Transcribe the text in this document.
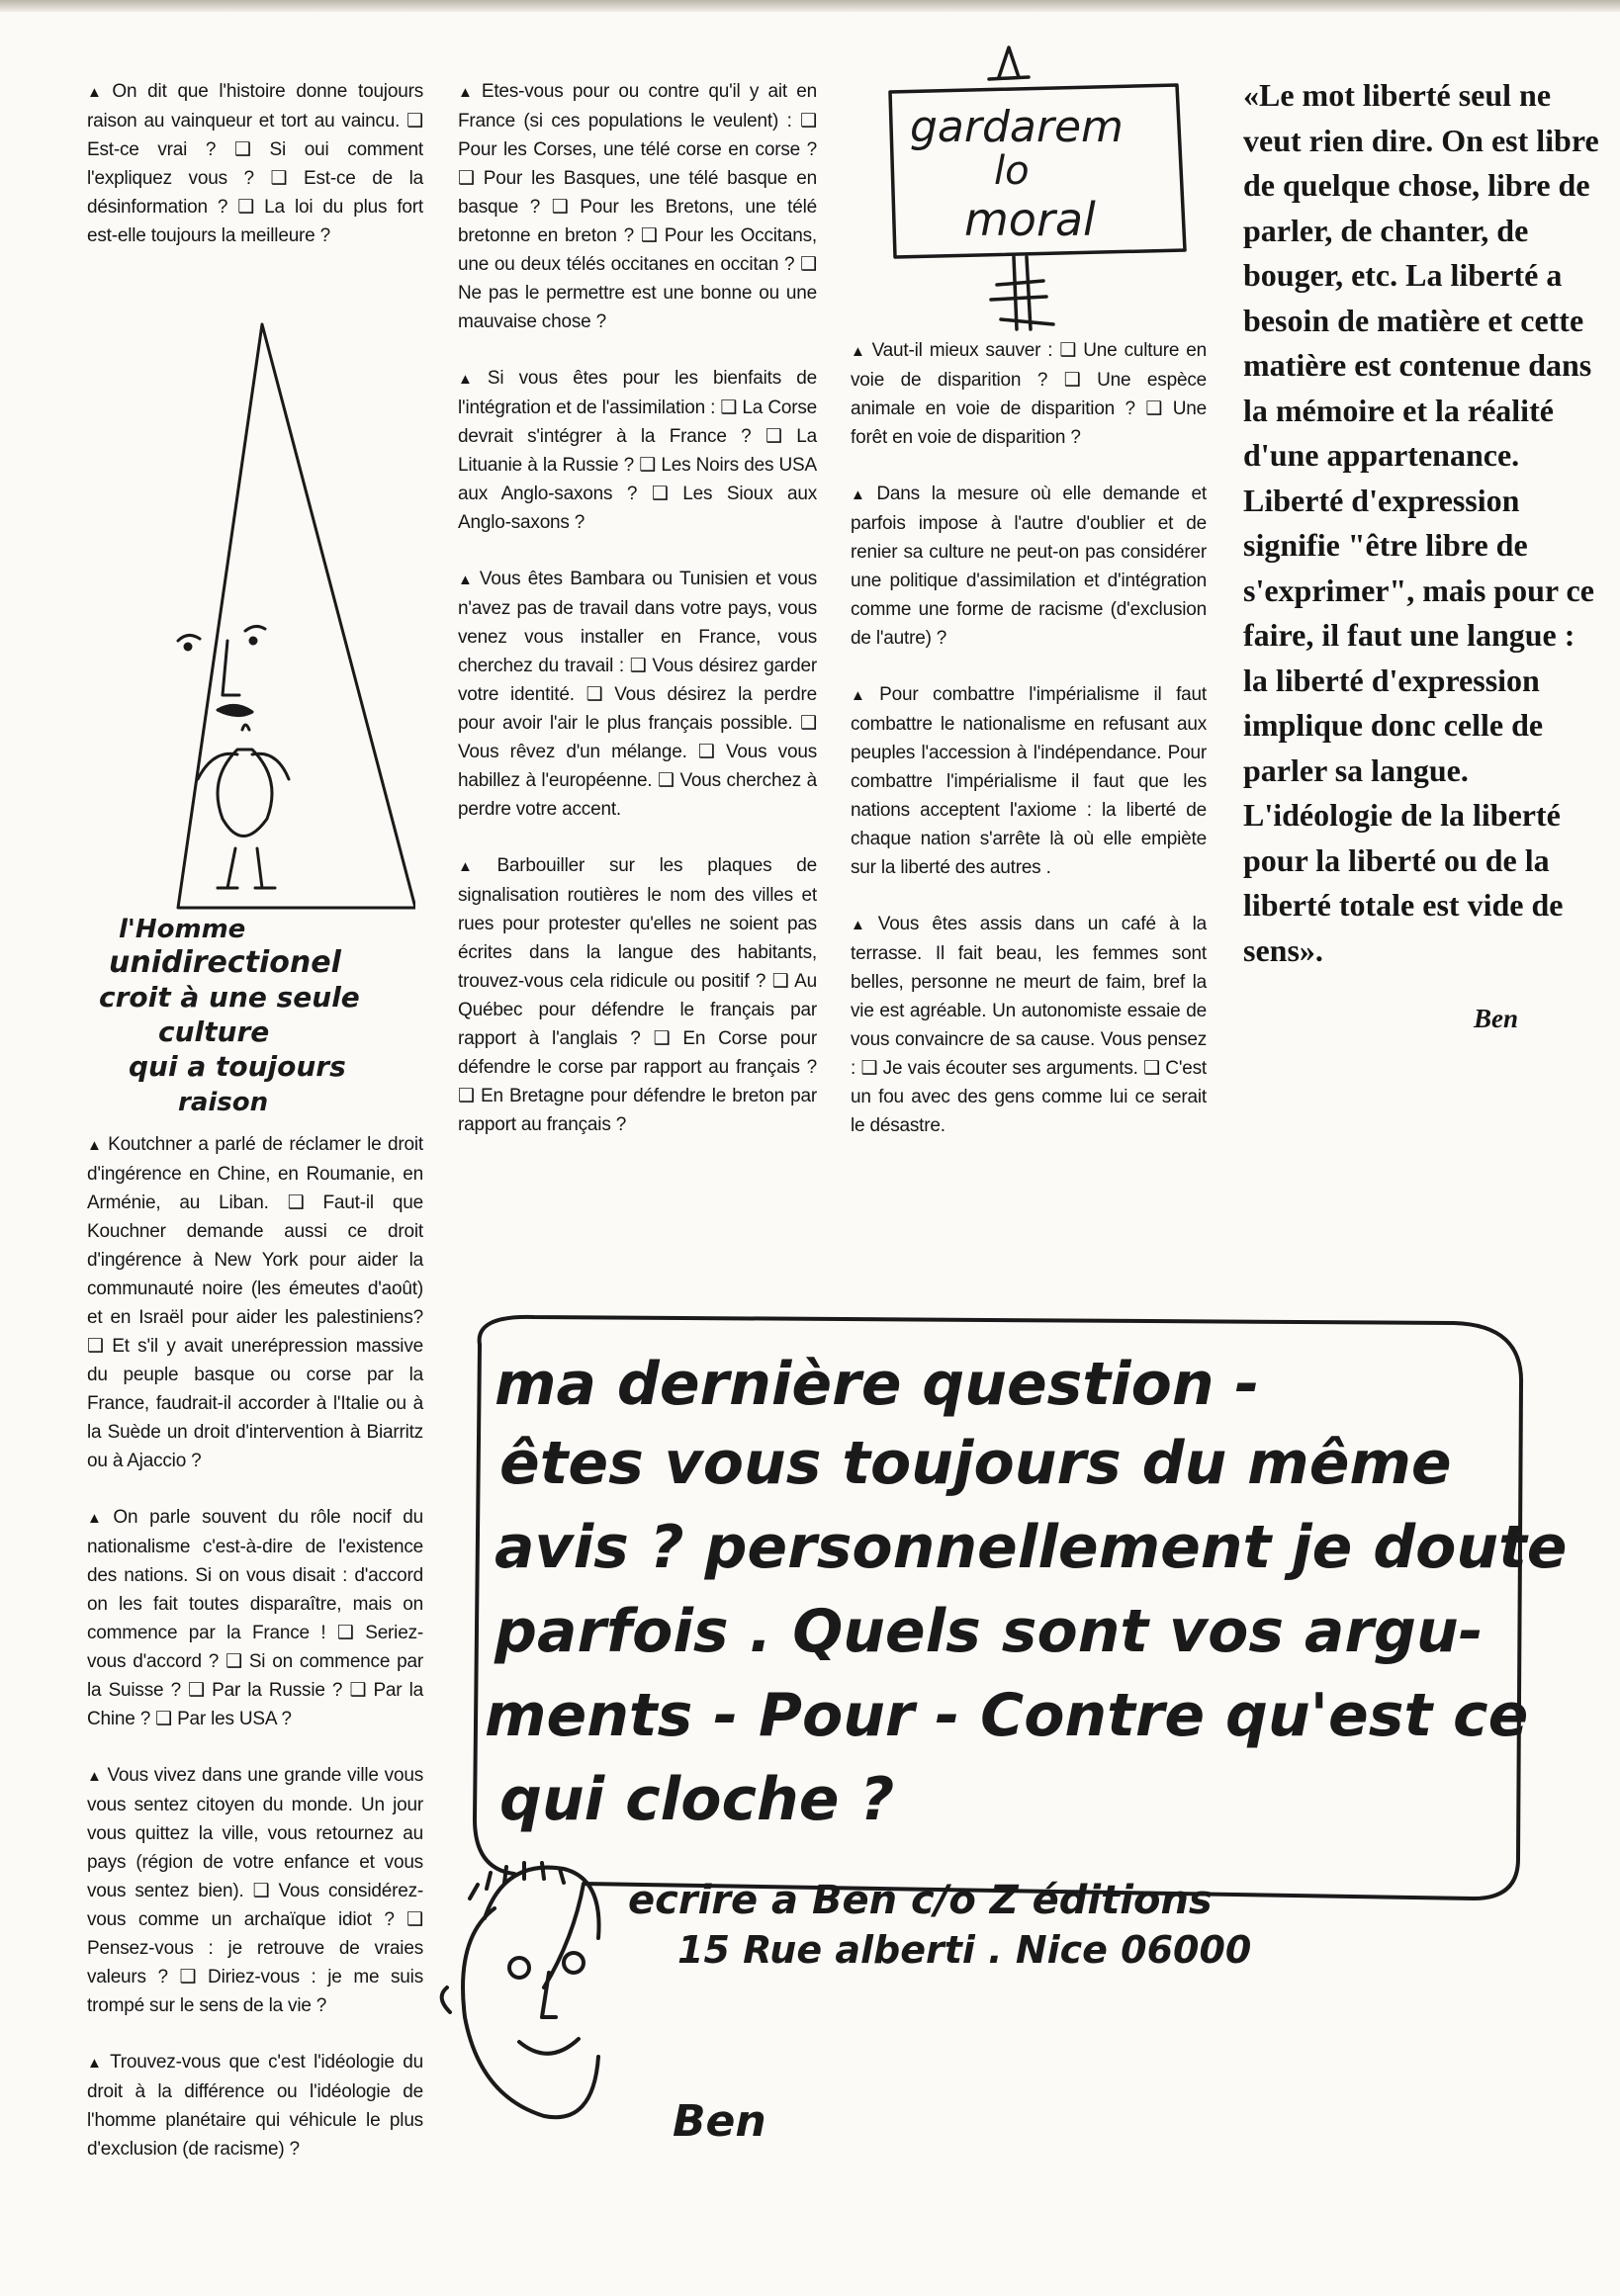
▲ On dit que l'histoire donne toujours raison au vainqueur et tort au vaincu. ❑ Est-ce vrai ? ❑ Si oui comment l'expliquez vous ? ❑ Est-ce de la désinformation ? ❑ La loi du plus fort est-elle toujours la meilleure ?

l'Homme
unidirectionel
croit à une seule
culture
qui a toujours
raison

▲ Koutchner a parlé de réclamer le droit d'ingérence en Chine, en Roumanie, en Arménie, au Liban. ❑ Faut-il que Kouchner demande aussi ce droit d'ingérence à New York pour aider la communauté noire (les émeutes d'août) et en Israël pour aider les palestiniens? ❑ Et s'il y avait unerépression massive du peuple basque ou corse par la France, faudrait-il accorder à l'Italie ou à la Suède un droit d'intervention à Biarritz ou à Ajaccio ?

▲ On parle souvent du rôle nocif du nationalisme c'est-à-dire de l'existence des nations. Si on vous disait : d'accord on les fait toutes disparaître, mais on commence par la France ! ❑ Seriez-vous d'accord ? ❑ Si on commence par la Suisse ? ❑ Par la Russie ? ❑ Par la Chine ? ❑ Par les USA ?

▲ Vous vivez dans une grande ville vous vous sentez citoyen du monde. Un jour vous quittez la ville, vous retournez au pays (région de votre enfance et vous vous sentez bien). ❑ Vous considérez-vous comme un archaïque idiot ? ❑ Pensez-vous : je retrouve de vraies valeurs ? ❑ Diriez-vous : je me suis trompé sur le sens de la vie ?

▲ Trouvez-vous que c'est l'idéologie du droit à la différence ou l'idéologie de l'homme planétaire qui véhicule le plus d'exclusion (de racisme) ?

▲ Etes-vous pour ou contre qu'il y ait en France (si ces populations le veulent) : ❑ Pour les Corses, une télé corse en corse ? ❑ Pour les Basques, une télé basque en basque ? ❑ Pour les Bretons, une télé bretonne en breton ? ❑ Pour les Occitans, une ou deux télés occitanes en occitan ? ❑ Ne pas le permettre est une bonne ou une mauvaise chose ?

▲ Si vous êtes pour les bienfaits de l'intégration et de l'assimilation : ❑ La Corse devrait s'intégrer à la France ? ❑ La Lituanie à la Russie ? ❑ Les Noirs des USA aux Anglo-saxons ? ❑ Les Sioux aux Anglo-saxons ?

▲ Vous êtes Bambara ou Tunisien et vous n'avez pas de travail dans votre pays, vous venez vous installer en France, vous cherchez du travail : ❑ Vous désirez garder votre identité. ❑ Vous désirez la perdre pour avoir l'air le plus français possible. ❑ Vous rêvez d'un mélange. ❑ Vous vous habillez à l'européenne. ❑ Vous cherchez à perdre votre accent.

▲ Barbouiller sur les plaques de signalisation routières le nom des villes et rues pour protester qu'elles ne soient pas écrites dans la langue des habitants, trouvez-vous cela ridicule ou positif ? ❑ Au Québec pour défendre le français par rapport à l'anglais ? ❑ En Corse pour défendre le corse par rapport au français ? ❑ En Bretagne pour défendre le breton par rapport au français ?

gardarem
lo
moral

▲ Vaut-il mieux sauver : ❑ Une culture en voie de disparition ? ❑ Une espèce animale en voie de disparition ? ❑ Une forêt en voie de disparition ?

▲ Dans la mesure où elle demande et parfois impose à l'autre d'oublier et de renier sa culture ne peut-on pas considérer une politique d'assimilation et d'intégration comme une forme de racisme (d'exclusion de l'autre) ?

▲ Pour combattre l'impérialisme il faut combattre le nationalisme en refusant aux peuples l'accession à l'indépendance. Pour combattre l'impérialisme il faut que les nations acceptent l'axiome : la liberté de chaque nation s'arrête là où elle empiète sur la liberté des autres .

▲ Vous êtes assis dans un café à la terrasse. Il fait beau, les femmes sont belles, personne ne meurt de faim, bref la vie est agréable. Un autonomiste essaie de vous convaincre de sa cause. Vous pensez : ❑ Je vais écouter ses arguments. ❑ C'est un fou avec des gens comme lui ce serait le désastre.

«Le mot liberté seul ne veut rien dire. On est libre de quelque chose, libre de parler, de chanter, de bouger, etc. La liberté a besoin de matière et cette matière est contenue dans la mémoire et la réalité d'une appartenance. Liberté d'expression signifie "être libre de s'exprimer", mais pour ce faire, il faut une langue : la liberté d'expression implique donc celle de parler sa langue. L'idéologie de la liberté pour la liberté ou de la liberté totale est vide de sens».

Ben

ma dernière question -
êtes vous toujours du même
avis ? personnellement je doute
parfois . Quels sont vos argu-
ments - Pour - Contre qu'est ce
qui cloche ?
ecrire a Ben c/o Z éditions
15 Rue alberti . Nice 06000
Ben
